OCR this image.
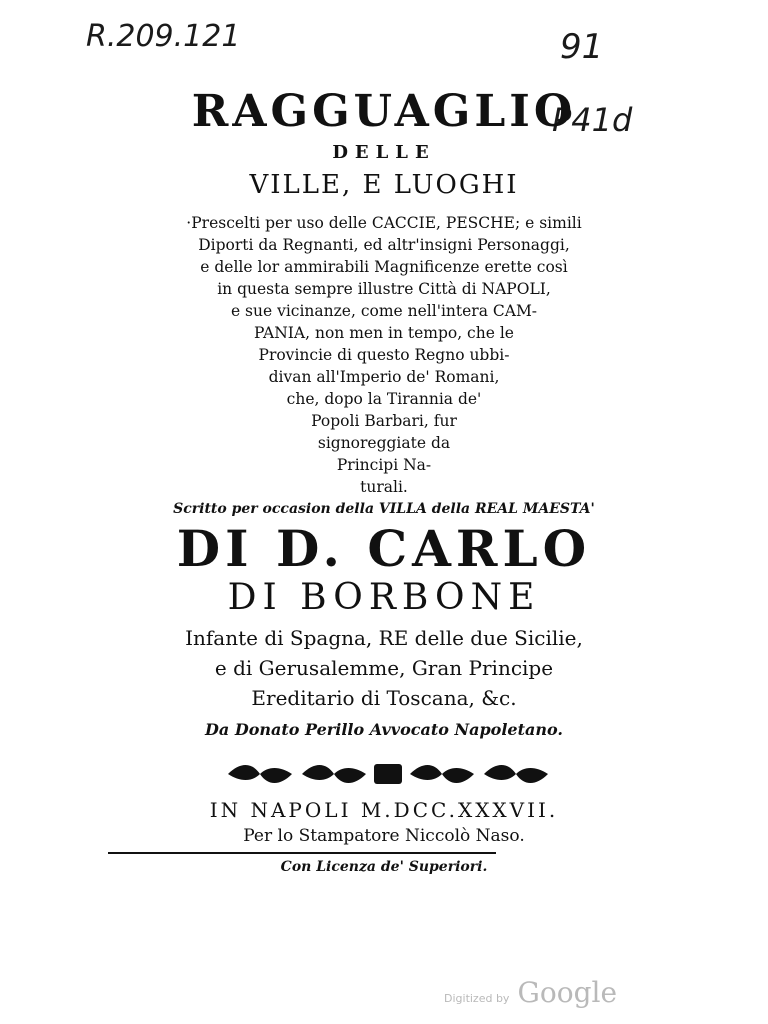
R.209.121	91
P41d
RAGGUAGLIO
DELLE
VILLE, E LUOGHI
·Prescelti per uso delle CACCIE, PESCHE; e simili
Diporti da Regnanti, ed altr'insigni Personaggi,
e delle lor ammirabili Magnificenze erette così
in questa sempre illustre Città di NAPOLI,
e sue vicinanze, come nell'intera CAM-
PANIA, non men in tempo, che le
Provincie di questo Regno ubbi-
divan all'Imperio de' Romani,
che, dopo la Tirannia de'
Popoli Barbari, fur
signoreggiate da
Principi Na-
turali.
Scritto per occasion della VILLA della REAL MAESTA'
DI D. CARLO
DI BORBONE
Infante di Spagna, RE delle due Sicilie,
e di Gerusalemme, Gran Principe
Ereditario di Toscana, &c.
Da Donato Perillo Avvocato Napoletano.
IN NAPOLI M.DCC.XXXVII.
Per lo Stampatore Niccolò Naso.
Con Licenza de' Superiori.
Digitized by Google
